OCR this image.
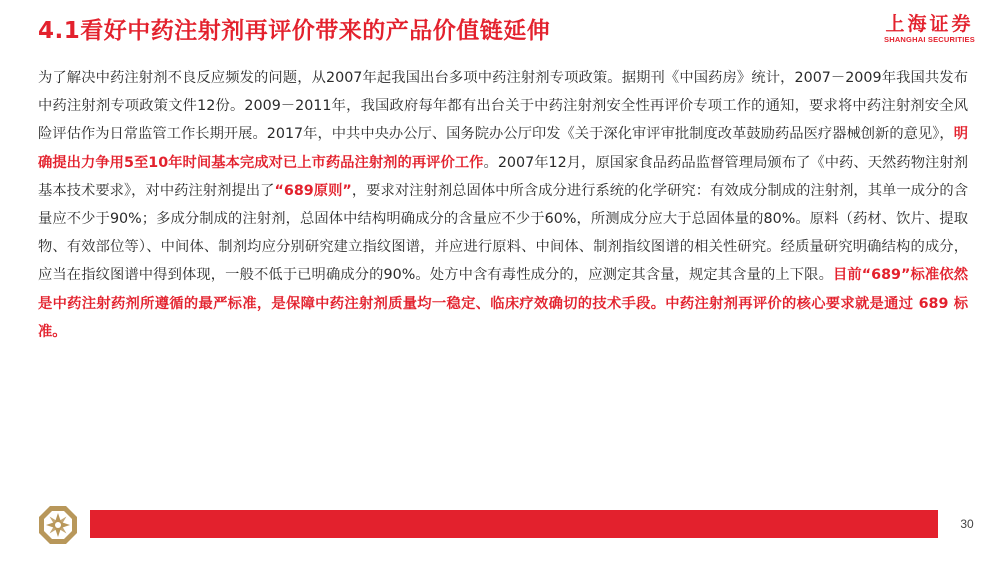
4.1看好中药注射剂再评价带来的产品价值链延伸	上海证券
SHANGHAI SECURITIES
为了解决中药注射剂不良反应频发的问题，从2007年起我国出台多项中药注射剂专项政策。据期刊《中国药房》统计，2007－2009年我国共发布中药注射剂专项政策文件12份。2009－2011年，我国政府每年都有出台关于中药注射剂安全性再评价专项工作的通知，要求将中药注射剂安全风险评估作为日常监管工作长期开展。2017年，中共中央办公厅、国务院办公厅印发《关于深化审评审批制度改革鼓励药品医疗器械创新的意见》，明确提出力争用5至10年时间基本完成对已上市药品注射剂的再评价工作。2007年12月，原国家食品药品监督管理局颁布了《中药、天然药物注射剂基本技术要求》，对中药注射剂提出了“689原则”，要求对注射剂总固体中所含成分进行系统的化学研究：有效成分制成的注射剂，其单一成分的含量应不少于90%；多成分制成的注射剂，总固体中结构明确成分的含量应不少于60%，所测成分应大于总固体量的80%。原料（药材、饮片、提取物、有效部位等）、中间体、制剂均应分别研究建立指纹图谱，并应进行原料、中间体、制剂指纹图谱的相关性研究。经质量研究明确结构的成分，应当在指纹图谱中得到体现，一般不低于已明确成分的90%。处方中含有毒性成分的，应测定其含量，规定其含量的上下限。目前“689”标准依然是中药注射药剂所遵循的最严标准，是保障中药注射剂质量均一稳定、临床疗效确切的技术手段。中药注射剂再评价的核心要求就是通过 689 标准。
30
